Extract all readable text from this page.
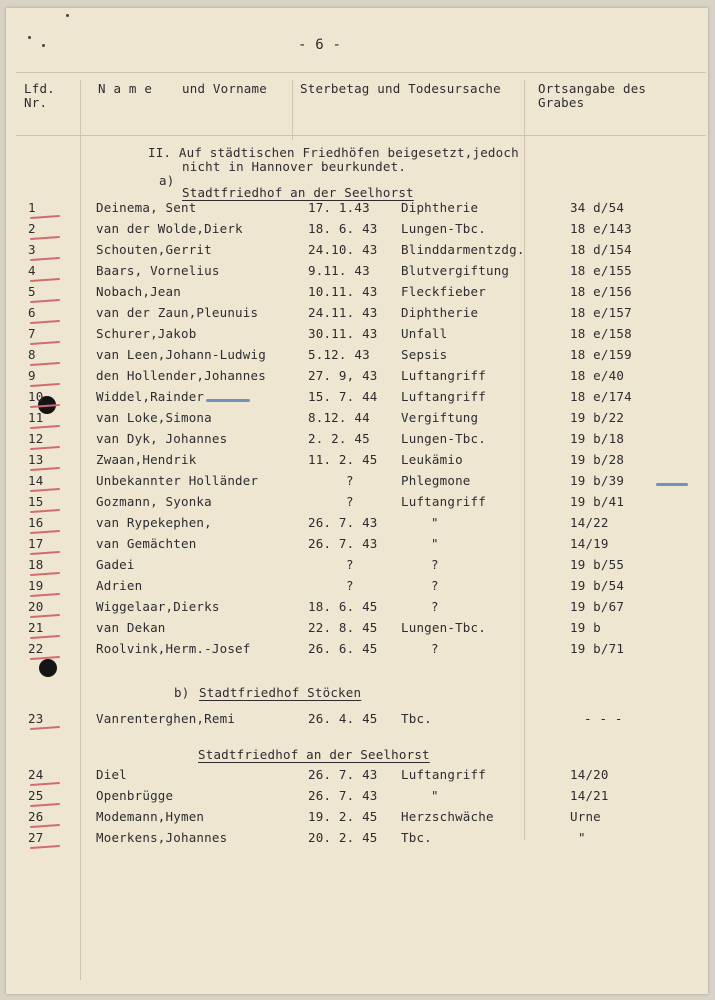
- 6 -
Lfd.
Nr.
N a m e und Vorname	Sterbetag und Todesursache	Ortsangabe des
Grabes
II. Auf städtischen Friedhöfen beigesetzt,jedoch
nicht in Hannover beurkundet.
a)
Stadtfriedhof an der Seelhorst
1	Deinema, Sent	17. 1.43 Diphtherie	34 d/54
2	van der Wolde,Dierk	18. 6. 43 Lungen-Tbc.	18 e/143
3	Schouten,Gerrit	24.10. 43 Blinddarmentzdg.	18 d/154
4	Baars, Vornelius	9.11. 43 Blutvergiftung	18 e/155
5	Nobach,Jean	10.11. 43 Fleckfieber	18 e/156
6	van der Zaun,Pleunuis	24.11. 43 Diphtherie	18 e/157
7	Schurer,Jakob	30.11. 43 Unfall	18 e/158
8	van Leen,Johann-Ludwig	5.12. 43 Sepsis	18 e/159
9	den Hollender,Johannes	27. 9, 43 Luftangriff	18 e/40
10	Widdel,Rainder	15. 7. 44 Luftangriff	18 e/174
11	van Loke,Simona	8.12. 44 Vergiftung	19 b/22
12	van Dyk, Johannes	2. 2. 45 Lungen-Tbc.	19 b/18
13	Zwaan,Hendrik	11. 2. 45 Leukämio	19 b/28
14	Unbekannter Holländer	?	Phlegmone	19 b/39
15	Gozmann, Syonka	?	Luftangriff	19 b/41
16	van Rypekephen,	26. 7. 43	"	14/22
17	van Gemächten	26. 7. 43	"	14/19
18	Gadei	?	?	19 b/55
19	Adrien	?	?	19 b/54
20	Wiggelaar,Dierks	18. 6. 45	?	19 b/67
21	van Dekan	22. 8. 45 Lungen-Tbc.	19 b
22	Roolvink,Herm.-Josef	26. 6. 45	?	19 b/71
b) Stadtfriedhof Stöcken
23	Vanrenterghen,Remi	26. 4. 45 Tbc.	- - -
Stadtfriedhof an der Seelhorst
24	Diel	26. 7. 43 Luftangriff	14/20
25	Openbrügge	26. 7. 43	"	14/21
26	Modemann,Hymen	19. 2. 45 Herzschwäche	Urne
27	Moerkens,Johannes	20. 2. 45 Tbc.	"
